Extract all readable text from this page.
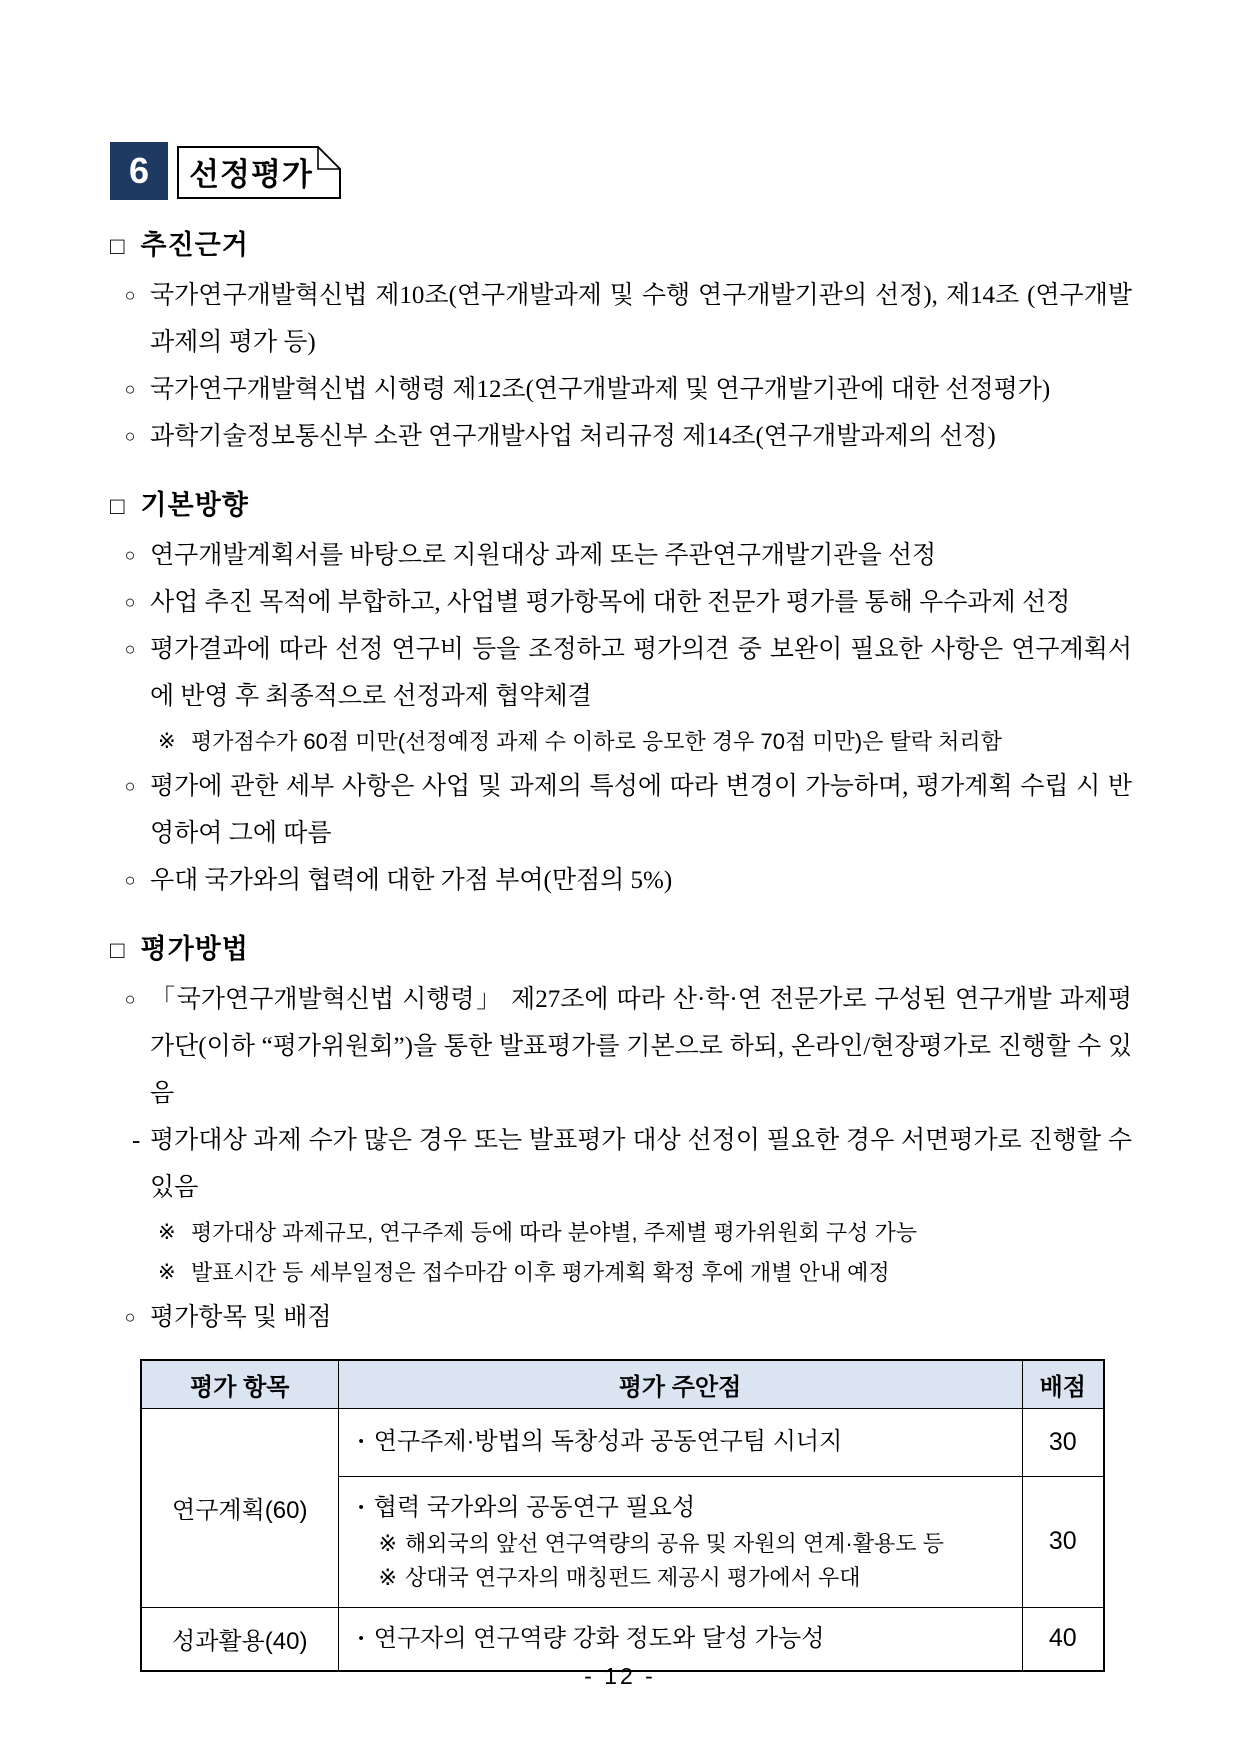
6	선정평가
□ 추진근거
○ 국가연구개발혁신법 제10조(연구개발과제 및 수행 연구개발기관의 선정), 제14조 (연구개발과제의 평가 등)
○ 국가연구개발혁신법 시행령 제12조(연구개발과제 및 연구개발기관에 대한 선정평가)
○ 과학기술정보통신부 소관 연구개발사업 처리규정 제14조(연구개발과제의 선정)
□ 기본방향
○ 연구개발계획서를 바탕으로 지원대상 과제 또는 주관연구개발기관을 선정
○ 사업 추진 목적에 부합하고, 사업별 평가항목에 대한 전문가 평가를 통해 우수과제 선정
○ 평가결과에 따라 선정 연구비 등을 조정하고 평가의견 중 보완이 필요한 사항은 연구계획서에 반영 후 최종적으로 선정과제 협약체결
※ 평가점수가 60점 미만(선정예정 과제 수 이하로 응모한 경우 70점 미만)은 탈락 처리함
○ 평가에 관한 세부 사항은 사업 및 과제의 특성에 따라 변경이 가능하며, 평가계획 수립 시 반영하여 그에 따름
○ 우대 국가와의 협력에 대한 가점 부여(만점의 5%)
□ 평가방법
○ 「국가연구개발혁신법 시행령」 제27조에 따라 산·학·연 전문가로 구성된 연구개발 과제평가단(이하 “평가위원회”)을 통한 발표평가를 기본으로 하되, 온라인/현장평가로 진행할 수 있음
- 평가대상 과제 수가 많은 경우 또는 발표평가 대상 선정이 필요한 경우 서면평가로 진행할 수 있음
※ 평가대상 과제규모, 연구주제 등에 따라 분야별, 주제별 평가위원회 구성 가능
※ 발표시간 등 세부일정은 접수마감 이후 평가계획 확정 후에 개별 안내 예정
○ 평가항목 및 배점
평가 항목	평가 주안점	배점
연구계획(60)	• 연구주제·방법의 독창성과 공동연구팀 시너지	30

	• 협력 국가와의 공동연구 필요성
※ 해외국의 앞선 연구역량의 공유 및 자원의 연계·활용도 등
※ 상대국 연구자의 매칭펀드 제공시 평가에서 우대	30
성과활용(40)	• 연구자의 연구역량 강화 정도와 달성 가능성	40
- 12 -
